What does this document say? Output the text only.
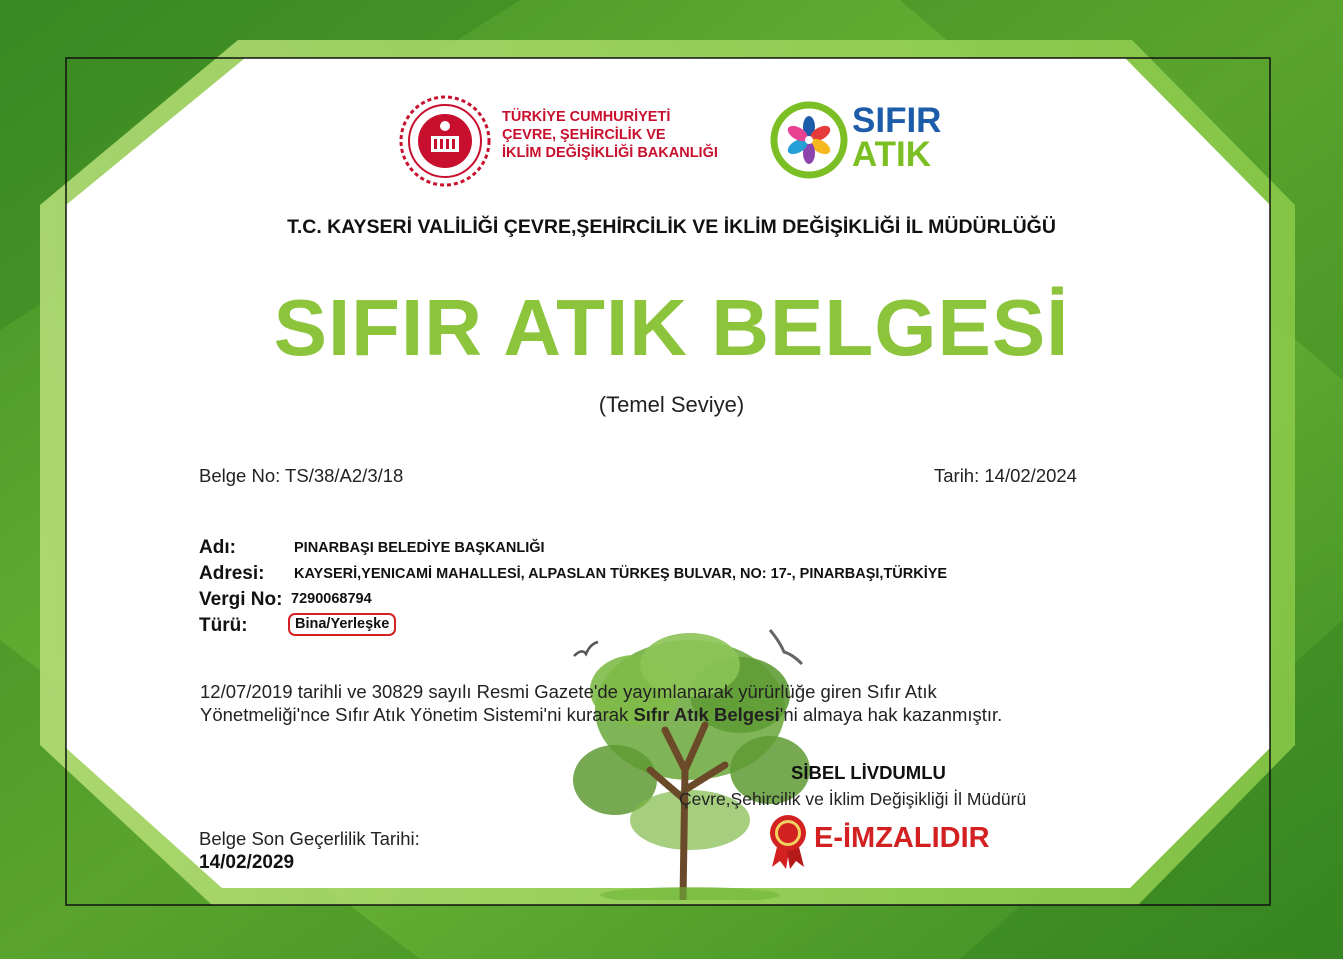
TÜRKİYE CUMHURİYETİ
ÇEVRE, ŞEHİRCİLİK VE
İKLİM DEĞİŞİKLİĞİ BAKANLIĞI
SIFIR
ATIK
T.C. KAYSERİ VALİLİĞİ ÇEVRE,ŞEHİRCİLİK VE İKLİM DEĞİŞİKLİĞİ İL MÜDÜRLÜĞÜ
SIFIR ATIK BELGESİ
(Temel Seviye)
Belge No: TS/38/A2/3/18	Tarih: 14/02/2024
Adı:	PINARBAŞI BELEDİYE BAŞKANLIĞI
Adresi: KAYSERİ,YENICAMİ MAHALLESİ, ALPASLAN TÜRKEŞ BULVAR, NO: 17-, PINARBAŞI,TÜRKİYE
Vergi No: 7290068794
Türü:	Bina/Yerleşke
12/07/2019 tarihli ve 30829 sayılı Resmi Gazete'de yayımlanarak yürürlüğe giren Sıfır Atık
Yönetmeliği'nce Sıfır Atık Yönetim Sistemi'ni kurarak Sıfır Atık Belgesi'ni almaya hak kazanmıştır.
SİBEL LİVDUMLU
Çevre,Şehircilik ve İklim Değişikliği İl Müdürü
E-İMZALIDIR
Belge Son Geçerlilik Tarihi:
14/02/2029
